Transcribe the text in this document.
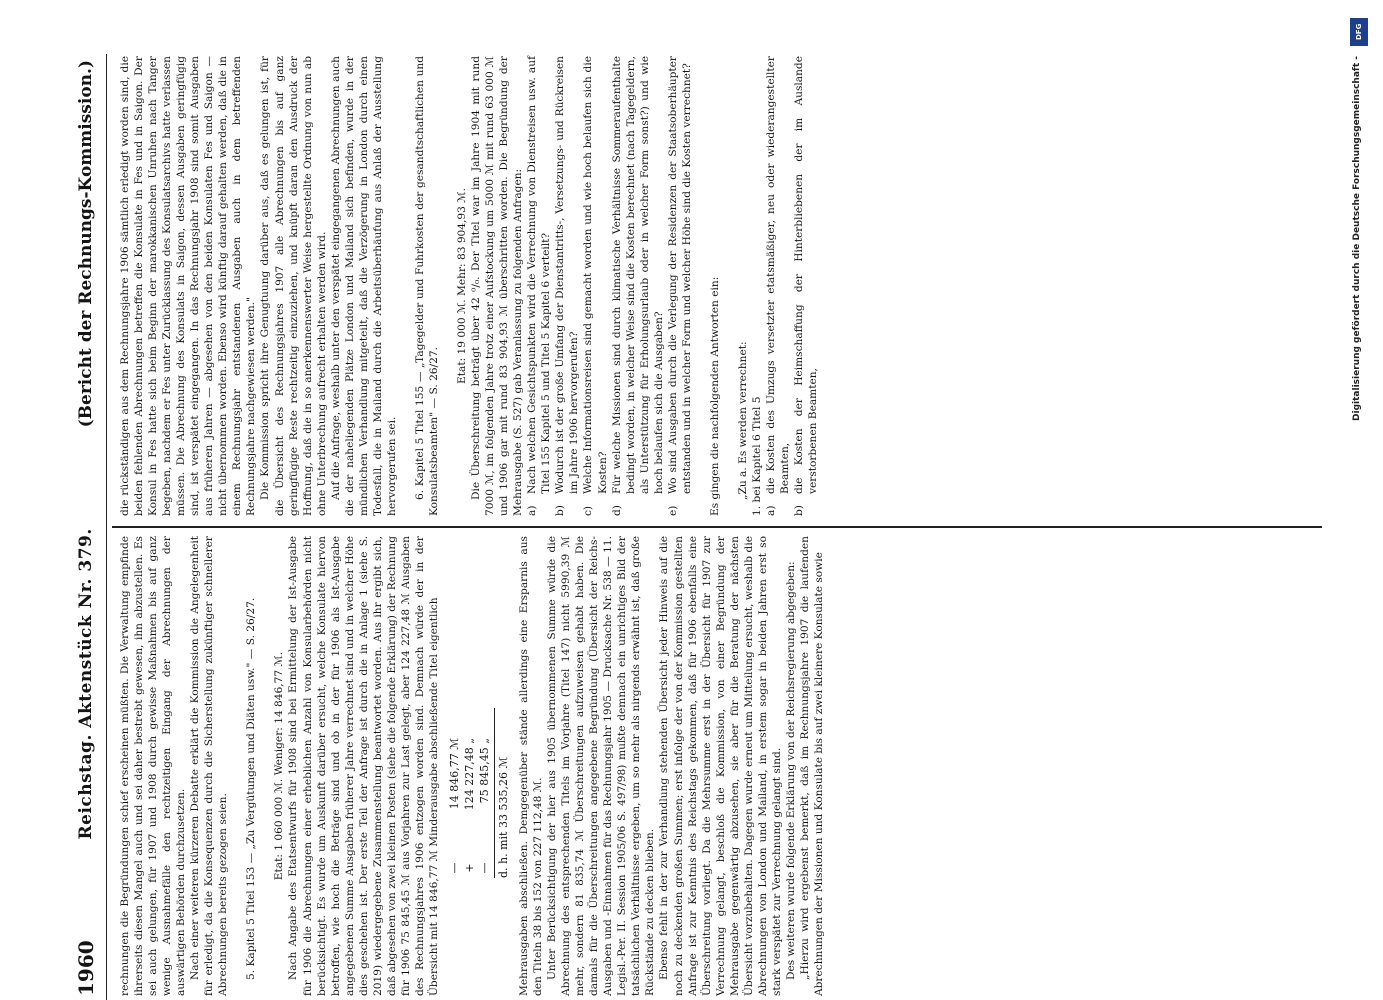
1960
Reichstag. Aktenstück Nr. 379.
(Bericht der Rechnungs-Kommission.)

rechnungen die Begründungen schief erscheinen müßten. Die Verwaltung empfinde ihrerseits diesen Mangel auch und sei daher bestrebt gewesen, ihn abzustellen. Es sei auch gelungen, für 1907 und 1908 durch gewisse Maßnahmen bis auf ganz wenige Ausnahmefälle den rechtzeitigen Eingang der Abrechnungen der auswärtigen Behörden durchzusetzen. Nach einer weiteren kürzeren Debatte erklärt die Kommission die Angelegenheit für erledigt, da die Konsequenzen durch die Sicherstellung zukünftiger schnellerer Abrechnungen bereits gezogen seien. 5. Kapitel 5 Titel 153 — „Zu Vergütungen und Diäten usw." — S. 26/27. Etat: 1 060 000 ℳ. Weniger: 14 846,77 ℳ. Nach Angabe des Etatsentwurfs für 1908 sind bei Ermittelung der Ist-Ausgabe für 1906 die Abrechnungen einer erheblichen Anzahl von Konsularbehörden nicht berücksichtigt. Es wurde um Auskunft darüber ersucht, welche Konsulate hiervon betroffen, wie hoch die Beträge sind und ob in der für 1906 als Ist-Ausgabe angegebenen Summe Ausgaben früherer Jahre verrechnet sind und in welcher Höhe dies geschehen ist. Der erste Teil der Anfrage ist durch die in Anlage 1 (siehe S. 2019) wiedergegebene Zusammenstellung beantwortet worden. Aus ihr ergibt sich, daß abgesehen von zwei kleinen Posten (siehe die folgende Erklärung) der Rechnung für 1906 75 845,45 ℳ aus Vorjahren zur Last gelegt, aber 124 227,48 ℳ Ausgaben des Rechnungsjahres 1906 entzogen worden sind. Demnach würde der in der Übersicht mit 14 846,77 ℳ Minderausgabe abschließende Titel eigentlich —
14 846,77 ℳ
+
124 227,48 „
—
75 845,45 „ d. h. mit 33 535,26 ℳ Mehrausgaben abschließen. Demgegenüber stände allerdings eine Ersparnis aus den Titeln 38 bis 152 von 227 112,48 ℳ. Unter Berücksichtigung der hier aus 1905 übernommenen Summe würde die Abrechnung des entsprechenden Titels im Vorjahre (Titel 147) nicht 5990,39 ℳ mehr, sondern 81 835,74 ℳ Überschreitungen aufzuweisen gehabt haben. Die damals für die Überschreitungen angegebene Begründung (Übersicht der Reichs-Ausgaben und -Einnahmen für das Rechnungsjahr 1905 — Drucksache Nr. 538 — 11. Legisl.-Per. II. Session 1905/06 S. 497/98) mußte demnach ein unrichtiges Bild der tatsächlichen Verhältnisse ergeben, um so mehr als nirgends erwähnt ist, daß große Rückstände zu decken blieben. Ebenso fehlt in der zur Verhandlung stehenden Übersicht jeder Hinweis auf die noch zu deckenden großen Summen; erst infolge der von der Kommission gestellten Anfrage ist zur Kenntnis des Reichstags gekommen, daß für 1906 ebenfalls eine Überschreitung vorliegt. Da die Mehrsumme erst in der Übersicht für 1907 zur Verrechnung gelangt, beschloß die Kommission, von einer Begründung der Mehrausgabe gegenwärtig abzusehen, sie aber für die Beratung der nächsten Übersicht vorzubehalten. Dagegen wurde erneut um Mitteilung ersucht, weshalb die Abrechnungen von London und Mailand, in erstem sogar in beiden Jahren erst so stark verspätet zur Verrechnung gelangt sind. Des weiteren wurde folgende Erklärung von der Reichsregierung abgegeben: „Hierzu wird ergebenst bemerkt, daß im Rechnungsjahre 1907 die laufenden Abrechnungen der Missionen und Konsulate bis auf zwei kleinere Konsulate sowie

die rückständigen aus dem Rechnungsjahre 1906 sämtlich erledigt worden sind, die beiden fehlenden Abrechnungen betreffen die Konsulate in Fes und in Saigon. Der Konsul in Fes hatte sich beim Beginn der marokkanischen Unruhen nach Tanger begeben, nachdem er Fes unter Zurücklassung des Konsulatsarchivs hatte verlassen müssen. Die Abrechnung des Konsulats in Saigon, dessen Ausgaben geringfügig sind, ist verspätet eingegangen. In das Rechnungsjahr 1908 sind somit Ausgaben aus früheren Jahren — abgesehen von den beiden Konsulaten Fes und Saigon — nicht übernommen worden. Ebenso wird künftig darauf gehalten werden, daß die in einem Rechnungsjahr entstandenen Ausgaben auch in dem betreffenden Rechnungsjahre nachgewiesen werden." Die Kommission spricht ihre Genugtuung darüber aus, daß es gelungen ist, für die Übersicht des Rechnungsjahres 1907 alle Abrechnungen bis auf ganz geringfügige Reste rechtzeitig einzuziehen, und knüpft daran den Ausdruck der Hoffnung, daß die in so anerkennenswerter Weise hergestellte Ordnung von nun ab ohne Unterbrechung aufrecht erhalten werden wird. Auf die Anfrage, weshalb unter den verspätet eingegangenen Abrechnungen auch die der naheliegenden Plätze London und Mailand sich befinden, wurde in der mündlichen Verhandlung mitgeteilt, daß die Verzögerung in London durch einen Todesfall, die in Mailand durch die Arbeitsüberhäufung aus Anlaß der Ausstellung hervorgerufen sei. 6. Kapitel 5 Titel 155 — „Tagegelder und Fuhrkosten der gesandtschaftlichen und Konsulatsbeamten" — S. 26/27.

Etat: 19 000 ℳ. Mehr: 83 904,93 ℳ. Die Überschreitung beträgt über 42 ⁰/₀. Der Titel war im Jahre 1904 mit rund 7000 ℳ, im folgenden Jahre trotz einer Aufstockung um 5000 ℳ mit rund 63 000 ℳ und 1906 gar mit rund 83 904,93 ℳ überschritten worden. Die Begründung der Mehrausgabe (S. 527) gab Veranlassung zu folgenden Anfragen: a)
Nach welchen Gesichtspunkten wird die Verrechnung von Dienstreisen usw. auf Titel 155 Kapitel 5 und Titel 5 Kapitel 6 verteilt?
b)
Wodurch ist der große Umfang der Dienstantritts-, Versetzungs- und Rückreisen im Jahre 1906 hervorgerufen?
c)
Welche Informationsreisen sind gemacht worden und wie hoch belaufen sich die Kosten?
d)
Für welche Missionen sind durch klimatische Verhältnisse Sommeraufenthalte bedingt worden, in welcher Weise sind die Kosten berechnet (nach Tagegeldern, als Unterstützung für Erholungsurlaub oder in welcher Form sonst?) und wie hoch belaufen sich die Ausgaben?
e)
Wo sind Ausgaben durch die Verlegung der Residenzen der Staatsoberhäupter entstanden und in welcher Form und welcher Höhe sind die Kosten verrechnet? Es gingen die nachfolgenden Antworten ein: „Zu a. Es werden verrechnet: 1. bei Kapitel 6 Titel 5 a)
die Kosten des Umzugs versetzter etatsmäßiger, neu oder wiederangestellter Beamten,
b)
die Kosten der Heimschaffung der Hinterbliebenen der im Auslande verstorbenen Beamten,
DFG
Digitalisierung gefördert durch die Deutsche Forschungsgemeinschaft -
